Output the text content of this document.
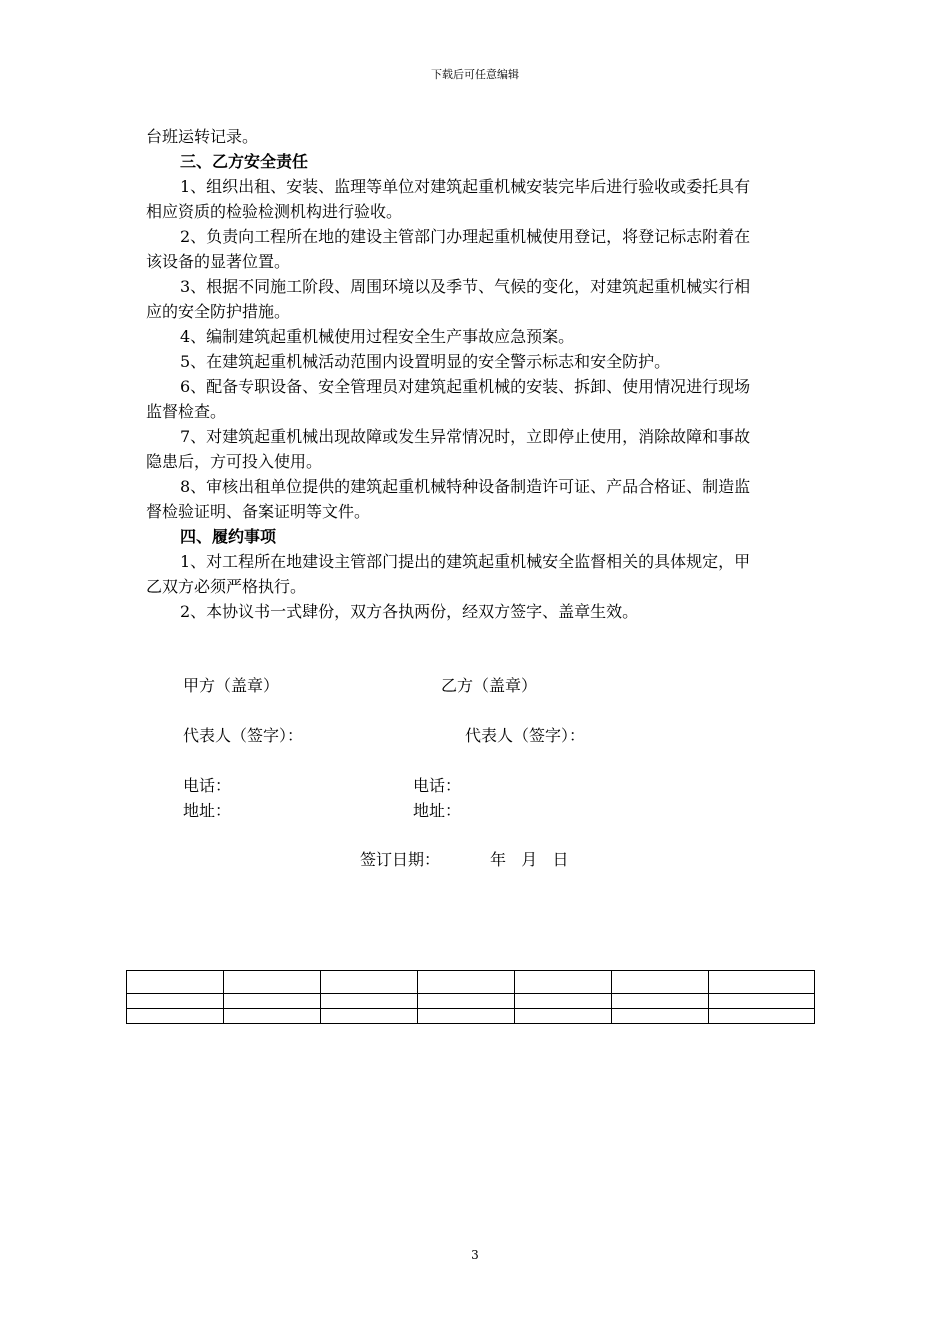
下载后可任意编辑
台班运转记录。
三、乙方安全责任
1、组织出租、安装、监理等单位对建筑起重机械安装完毕后进行验收或委托具有
相应资质的检验检测机构进行验收。
2、负责向工程所在地的建设主管部门办理起重机械使用登记，将登记标志附着在
该设备的显著位置。
3、根据不同施工阶段、周围环境以及季节、气候的变化，对建筑起重机械实行相
应的安全防护措施。
4、编制建筑起重机械使用过程安全生产事故应急预案。
5、在建筑起重机械活动范围内设置明显的安全警示标志和安全防护。
6、配备专职设备、安全管理员对建筑起重机械的安装、拆卸、使用情况进行现场
监督检查。
7、对建筑起重机械出现故障或发生异常情况时，立即停止使用，消除故障和事故
隐患后，方可投入使用。
8、审核出租单位提供的建筑起重机械特种设备制造许可证、产品合格证、制造监
督检验证明、备案证明等文件。
四、履约事项
1、对工程所在地建设主管部门提出的建筑起重机械安全监督相关的具体规定，甲
乙双方必须严格执行。
2、本协议书一式肆份，双方各执两份，经双方签字、盖章生效。
甲方（盖章）	乙方（盖章）
代表人（签字）：	代表人（签字）：
电话：	电话：
地址：	地址：
签订日期：	年   月   日

3
